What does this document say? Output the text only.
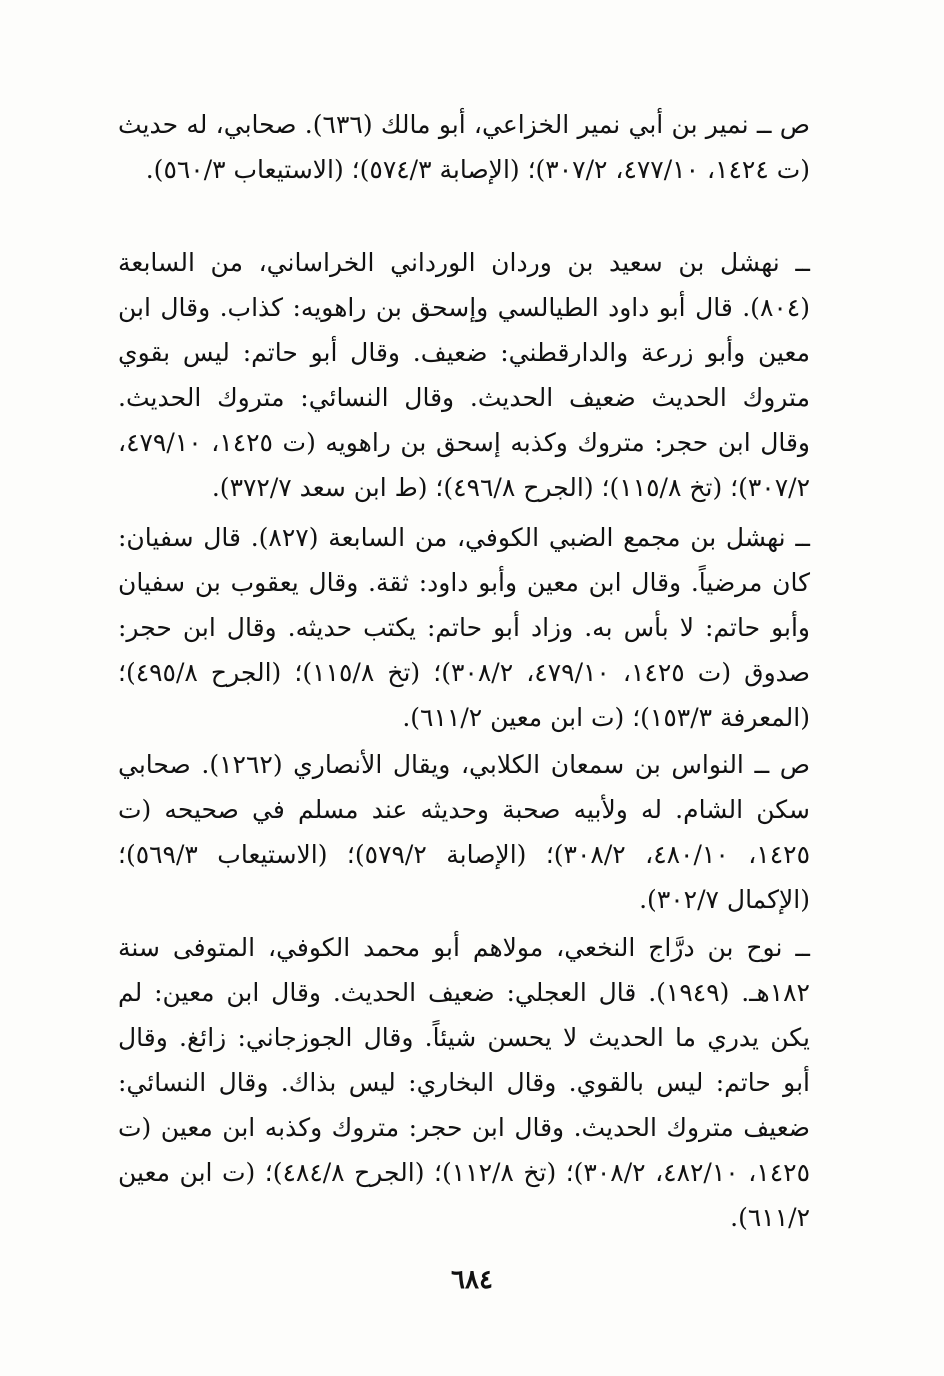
ص ــ نمير بن أبي نمير الخزاعي، أبو مالك (٦٣٦). صحابي، له حديث (ت ١٤٢٤، ٤٧٧/١٠، ٣٠٧/٢)؛ (الإصابة ٥٧٤/٣)؛ (الاستيعاب ٥٦٠/٣).

ــ نهشل بن سعيد بن وردان الورداني الخراساني، من السابعة (٨٠٤). قال أبو داود الطيالسي وإسحق بن راهويه: كذاب. وقال ابن معين وأبو زرعة والدارقطني: ضعيف. وقال أبو حاتم: ليس بقوي متروك الحديث ضعيف الحديث. وقال النسائي: متروك الحديث. وقال ابن حجر: متروك وكذبه إسحق بن راهويه (ت ١٤٢٥، ٤٧٩/١٠، ٣٠٧/٢)؛ (تخ ١١٥/٨)؛ (الجرح ٤٩٦/٨)؛ (ط ابن سعد ٣٧٢/٧).

ــ نهشل بن مجمع الضبي الكوفي، من السابعة (٨٢٧). قال سفيان: كان مرضياً. وقال ابن معين وأبو داود: ثقة. وقال يعقوب بن سفيان وأبو حاتم: لا بأس به. وزاد أبو حاتم: يكتب حديثه. وقال ابن حجر: صدوق (ت ١٤٢٥، ٤٧٩/١٠، ٣٠٨/٢)؛ (تخ ١١٥/٨)؛ (الجرح ٤٩٥/٨)؛ (المعرفة ١٥٣/٣)؛ (ت ابن معين ٦١١/٢).

ص ــ النواس بن سمعان الكلابي، ويقال الأنصاري (١٢٦٢). صحابي سكن الشام. له ولأبيه صحبة وحديثه عند مسلم في صحيحه (ت ١٤٢٥، ٤٨٠/١٠، ٣٠٨/٢)؛ (الإصابة ٥٧٩/٢)؛ (الاستيعاب ٥٦٩/٣)؛ (الإكمال ٣٠٢/٧).

ــ نوح بن درَّاج النخعي، مولاهم أبو محمد الكوفي، المتوفى سنة ١٨٢هـ. (١٩٤٩). قال العجلي: ضعيف الحديث. وقال ابن معين: لم يكن يدري ما الحديث لا يحسن شيئاً. وقال الجوزجاني: زائغ. وقال أبو حاتم: ليس بالقوي. وقال البخاري: ليس بذاك. وقال النسائي: ضعيف متروك الحديث. وقال ابن حجر: متروك وكذبه ابن معين (ت ١٤٢٥، ٤٨٢/١٠، ٣٠٨/٢)؛ (تخ ١١٢/٨)؛ (الجرح ٤٨٤/٨)؛ (ت ابن معين ٦١١/٢).

٦٨٤
